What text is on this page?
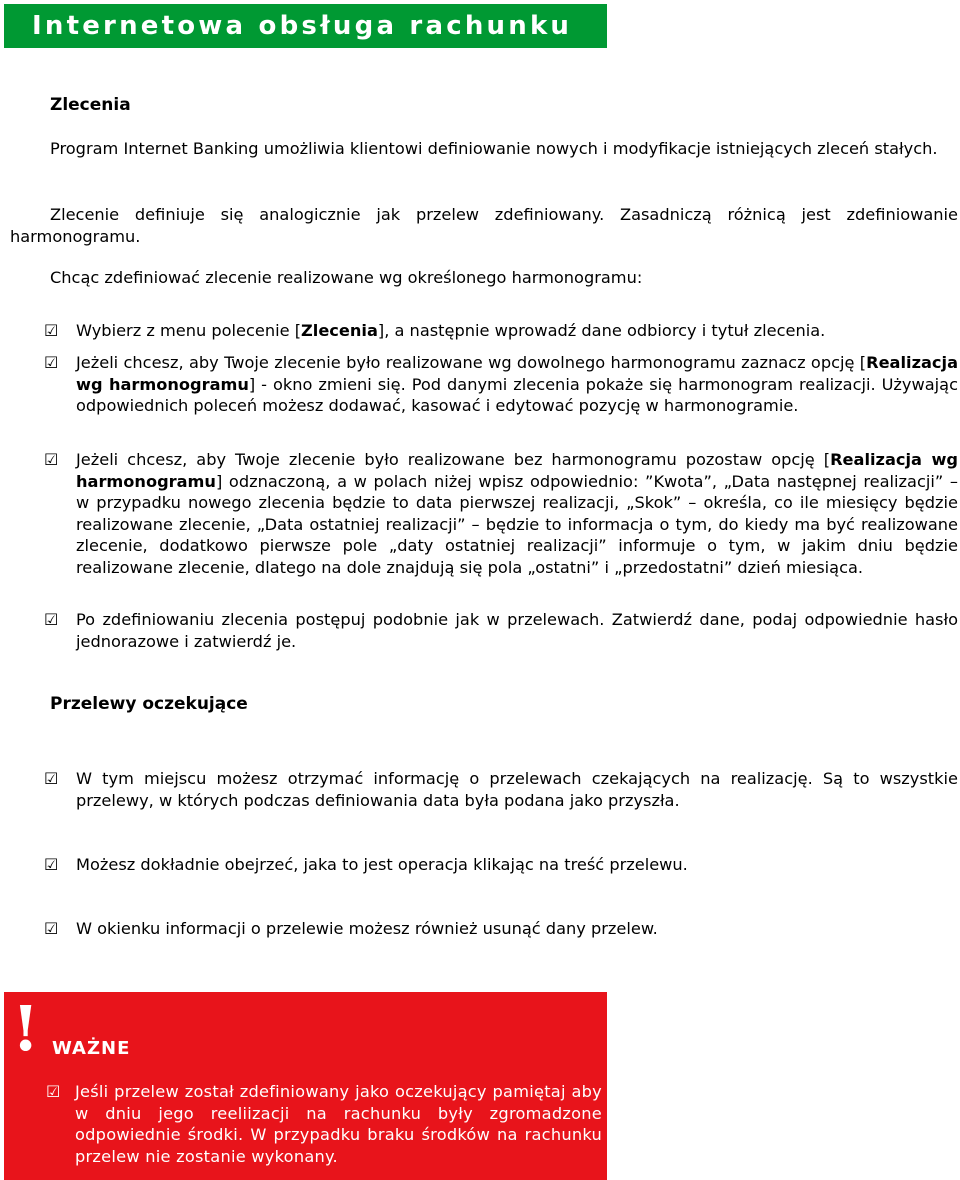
Internetowa obsługa rachunku
Zlecenia
Program Internet Banking umożliwia klientowi definiowanie nowych i modyfikacje istniejących zleceń stałych.
Zlecenie definiuje się analogicznie jak przelew zdefiniowany. Zasadniczą różnicą jest zdefiniowanie harmonogramu.
Chcąc zdefiniować zlecenie realizowane wg określonego harmonogramu:
☑ Wybierz z menu polecenie [Zlecenia], a następnie wprowadź dane odbiorcy i tytuł zlecenia.
☑ Jeżeli chcesz, aby Twoje zlecenie było realizowane wg dowolnego harmonogramu zaznacz opcję [Realizacja wg harmonogramu] - okno zmieni się. Pod danymi zlecenia pokaże się harmonogram realizacji. Używając odpowiednich poleceń możesz dodawać, kasować i edytować pozycję w harmonogramie.
☑ Jeżeli chcesz, aby Twoje zlecenie było realizowane bez harmonogramu pozostaw opcję [Realizacja wg harmonogramu] odznaczoną, a w polach niżej wpisz odpowiednio: ”Kwota”, „Data następnej realizacji” – w przypadku nowego zlecenia będzie to data pierwszej realizacji, „Skok” – określa, co ile miesięcy będzie realizowane zlecenie, „Data ostatniej realizacji” – będzie to informacja o tym, do kiedy ma być realizowane zlecenie, dodatkowo pierwsze pole „daty ostatniej realizacji” informuje o tym, w jakim dniu będzie realizowane zlecenie, dlatego na dole znajdują się pola „ostatni” i „przedostatni” dzień miesiąca.
☑ Po zdefiniowaniu zlecenia postępuj podobnie jak w przelewach. Zatwierdź dane, podaj odpowiednie hasło jednorazowe i zatwierdź je.
Przelewy oczekujące
☑ W tym miejscu możesz otrzymać informację o przelewach czekających na realizację. Są to wszystkie przelewy, w których podczas definiowania data była podana jako przyszła.
☑ Możesz dokładnie obejrzeć, jaka to jest operacja klikając na treść przelewu.
☑ W okienku informacji o przelewie możesz również usunąć dany przelew.
! WAŻNE
☑ Jeśli przelew został zdefiniowany jako oczekujący pamiętaj aby w dniu jego reeliizacji na rachunku były zgromadzone odpowiednie środki. W przypadku braku środków na rachunku przelew nie zostanie wykonany.
